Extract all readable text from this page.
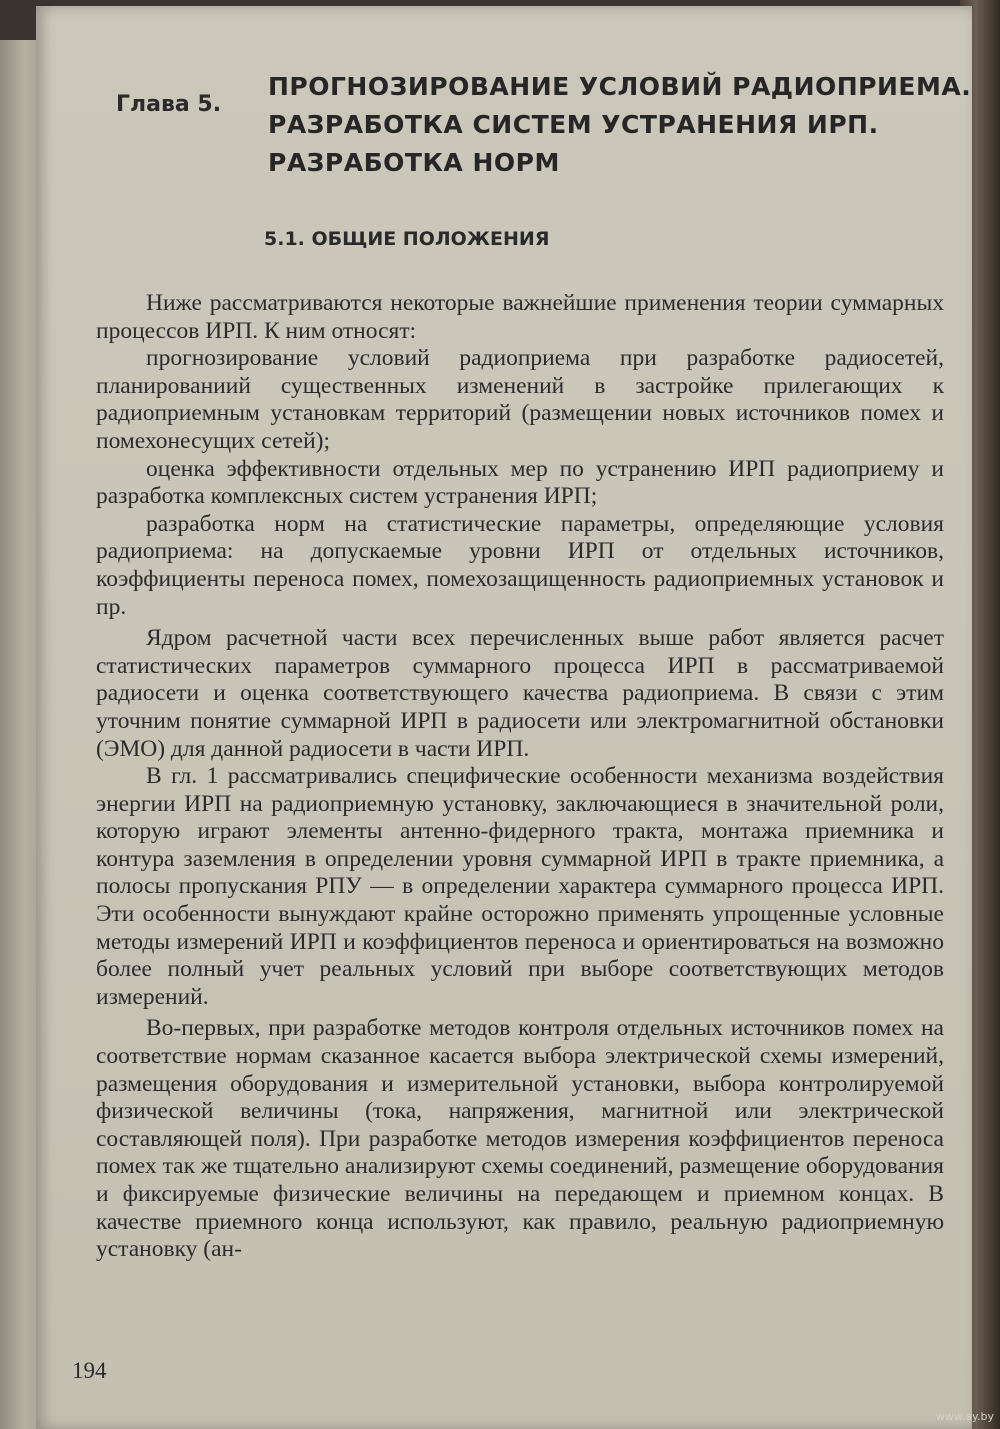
Глава 5.
ПРОГНОЗИРОВАНИЕ УСЛОВИЙ РАДИОПРИЕМА.
РАЗРАБОТКА СИСТЕМ УСТРАНЕНИЯ ИРП.
РАЗРАБОТКА НОРМ
5.1. ОБЩИЕ ПОЛОЖЕНИЯ

Ниже рассматриваются некоторые важнейшие применения теории суммарных процессов ИРП. К ним относят:

прогнозирование условий радиоприема при разработке радиосетей, планированиий существенных изменений в застройке прилегающих к радиоприемным установкам территорий (размещении новых источников помех и помехонесущих сетей);

оценка эффективности отдельных мер по устранению ИРП радиоприему и разработка комплексных систем устранения ИРП;

разработка норм на статистические параметры, определяющие условия радиоприема: на допускаемые уровни ИРП от отдельных источников, коэффициенты переноса помех, помехозащищенность радиоприемных установок и пр.

Ядром расчетной части всех перечисленных выше работ является расчет статистических параметров суммарного процесса ИРП в рассматриваемой радиосети и оценка соответствующего качества радиоприема. В связи с этим уточним понятие суммарной ИРП в радиосети или электромагнитной обстановки (ЭМО) для данной радиосети в части ИРП.

В гл. 1 рассматривались специфические особенности механизма воздействия энергии ИРП на радиоприемную установку, заключающиеся в значительной роли, которую играют элементы антенно-фидерного тракта, монтажа приемника и контура заземления в определении уровня суммарной ИРП в тракте приемника, а полосы пропускания РПУ — в определении характера суммарного процесса ИРП. Эти особенности вынуждают крайне осторожно применять упрощенные условные методы измерений ИРП и коэффициентов переноса и ориентироваться на возможно более полный учет реальных условий при выборе соответствующих методов измерений.

Во-первых, при разработке методов контроля отдельных источников помех на соответствие нормам сказанное касается выбора электрической схемы измерений, размещения оборудования и измерительной установки, выбора контролируемой физической величины (тока, напряжения, магнитной или электрической составляющей поля). При разработке методов измерения коэффициентов переноса помех так же тщательно анализируют схемы соединений, размещение оборудования и фиксируемые физические величины на передающем и приемном концах. В качестве приемного конца используют, как правило, реальную радиоприемную установку (ан-

194
www.ay.by
